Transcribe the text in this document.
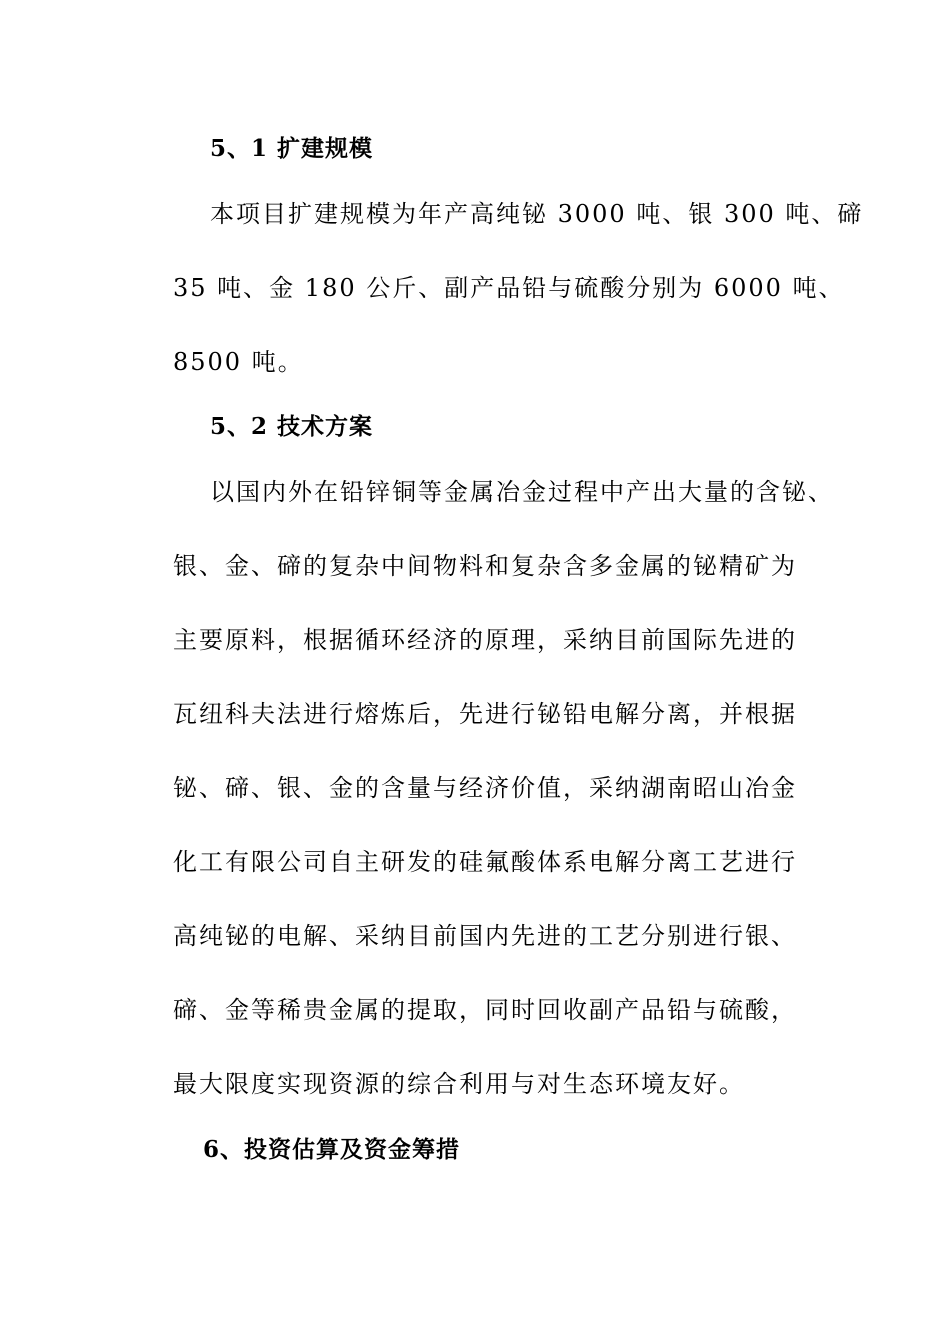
5、1 扩建规模
本项目扩建规模为年产高纯铋 3000 吨、银 300 吨、碲
35 吨、金 180 公斤、副产品铅与硫酸分别为 6000 吨、
8500 吨。
5、2 技术方案
以国内外在铅锌铜等金属冶金过程中产出大量的含铋、
银、金、碲的复杂中间物料和复杂含多金属的铋精矿为
主要原料，根据循环经济的原理，采纳目前国际先进的
瓦纽科夫法进行熔炼后，先进行铋铅电解分离，并根据
铋、碲、银、金的含量与经济价值，采纳湖南昭山冶金
化工有限公司自主研发的硅氟酸体系电解分离工艺进行
高纯铋的电解、采纳目前国内先进的工艺分别进行银、
碲、金等稀贵金属的提取，同时回收副产品铅与硫酸，
最大限度实现资源的综合利用与对生态环境友好。
6、投资估算及资金筹措
